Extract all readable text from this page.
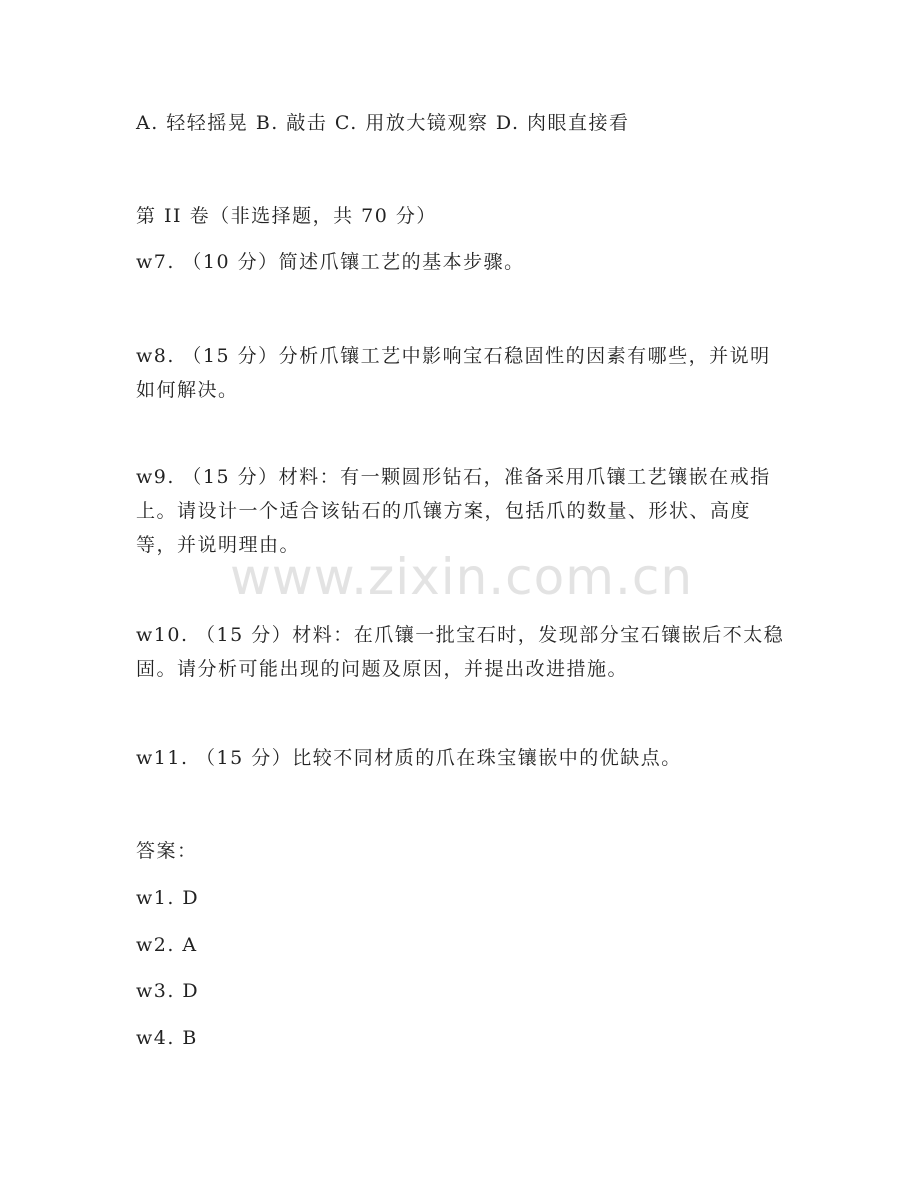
www.zixin.com.cn
A. 轻轻摇晃 B. 敲击 C. 用放大镜观察 D. 肉眼直接看
第 II 卷（非选择题，共 70 分）
w7. （10 分）简述爪镶工艺的基本步骤。
w8. （15 分）分析爪镶工艺中影响宝石稳固性的因素有哪些，并说明如何解决。
w9. （15 分）材料：有一颗圆形钻石，准备采用爪镶工艺镶嵌在戒指上。请设计一个适合该钻石的爪镶方案，包括爪的数量、形状、高度等，并说明理由。
w10. （15 分）材料：在爪镶一批宝石时，发现部分宝石镶嵌后不太稳固。请分析可能出现的问题及原因，并提出改进措施。
w11. （15 分）比较不同材质的爪在珠宝镶嵌中的优缺点。
答案：
w1. D
w2. A
w3. D
w4. B
